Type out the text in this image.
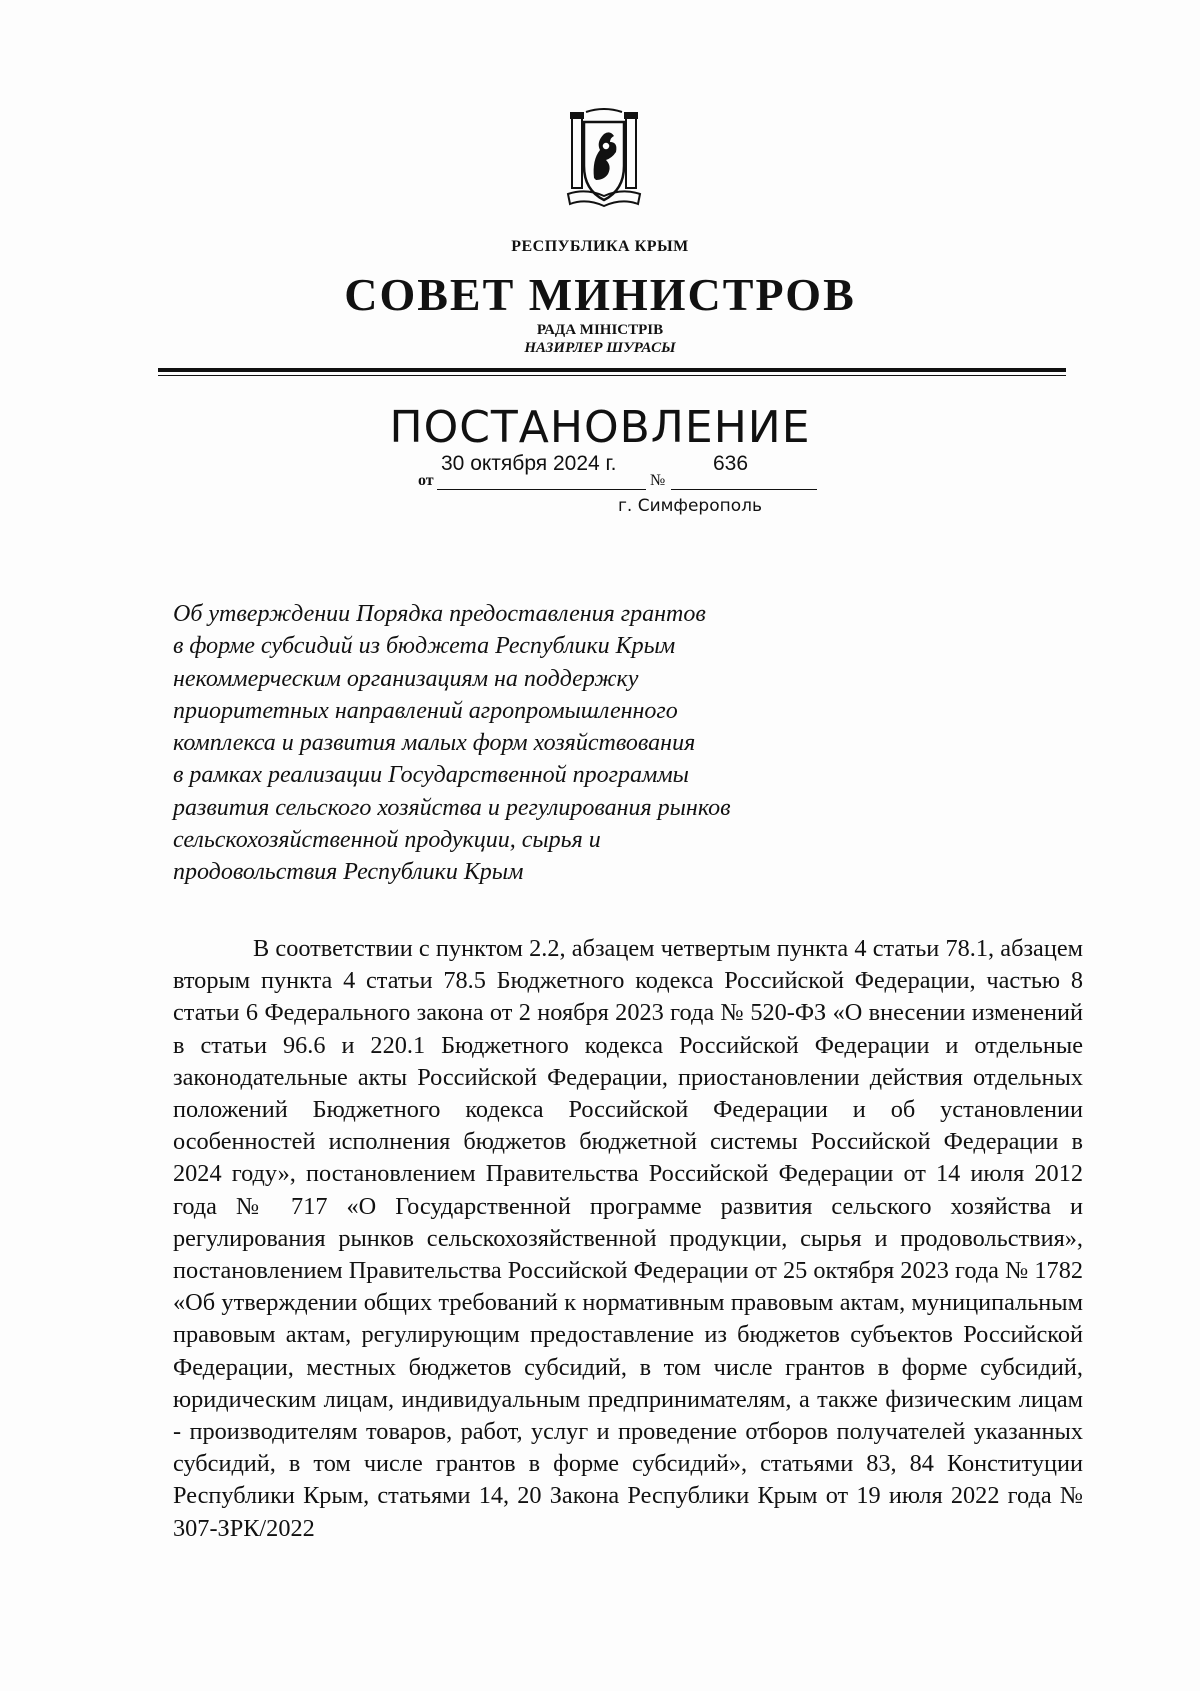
РЕСПУБЛИКА КРЫМ
СОВЕТ МИНИСТРОВ
РАДА МІНІСТРІВ
НАЗИРЛЕР ШУРАСЫ
ПОСТАНОВЛЕНИЕ
от
30 октября 2024 г.
№
636
г. Симферополь
Об утверждении Порядка предоставления грантов
в форме субсидий из бюджета Республики Крым
некоммерческим организациям на поддержку
приоритетных направлений агропромышленного
комплекса и развития малых форм хозяйствования
в рамках реализации Государственной программы
развития сельского хозяйства и регулирования рынков
сельскохозяйственной продукции, сырья и
продовольствия Республики Крым
В соответствии с пунктом 2.2, абзацем четвертым пункта 4 статьи 78.1, абзацем вторым пункта 4 статьи 78.5 Бюджетного кодекса Российской Федерации, частью 8 статьи 6 Федерального закона от 2 ноября 2023 года № 520-ФЗ «О внесении изменений в статьи 96.6 и 220.1 Бюджетного кодекса Российской Федерации и отдельные законодательные акты Российской Федерации, приостановлении действия отдельных положений Бюджетного кодекса Российской Федерации и об установлении особенностей исполнения бюджетов бюджетной системы Российской Федерации в 2024 году», постановлением Правительства Российской Федерации от 14 июля 2012 года № 717 «О Государственной программе развития сельского хозяйства и регулирования рынков сельскохозяйственной продукции, сырья и продовольствия», постановлением Правительства Российской Федерации от 25 октября 2023 года № 1782 «Об утверждении общих требований к нормативным правовым актам, муниципальным правовым актам, регулирующим предоставление из бюджетов субъектов Российской Федерации, местных бюджетов субсидий, в том числе грантов в форме субсидий, юридическим лицам, индивидуальным предпринимателям, а также физическим лицам - производителям товаров, работ, услуг и проведение отборов получателей указанных субсидий, в том числе грантов в форме субсидий», статьями 83, 84 Конституции Республики Крым, статьями 14, 20 Закона Республики Крым от 19 июля 2022 года № 307-ЗРК/2022
